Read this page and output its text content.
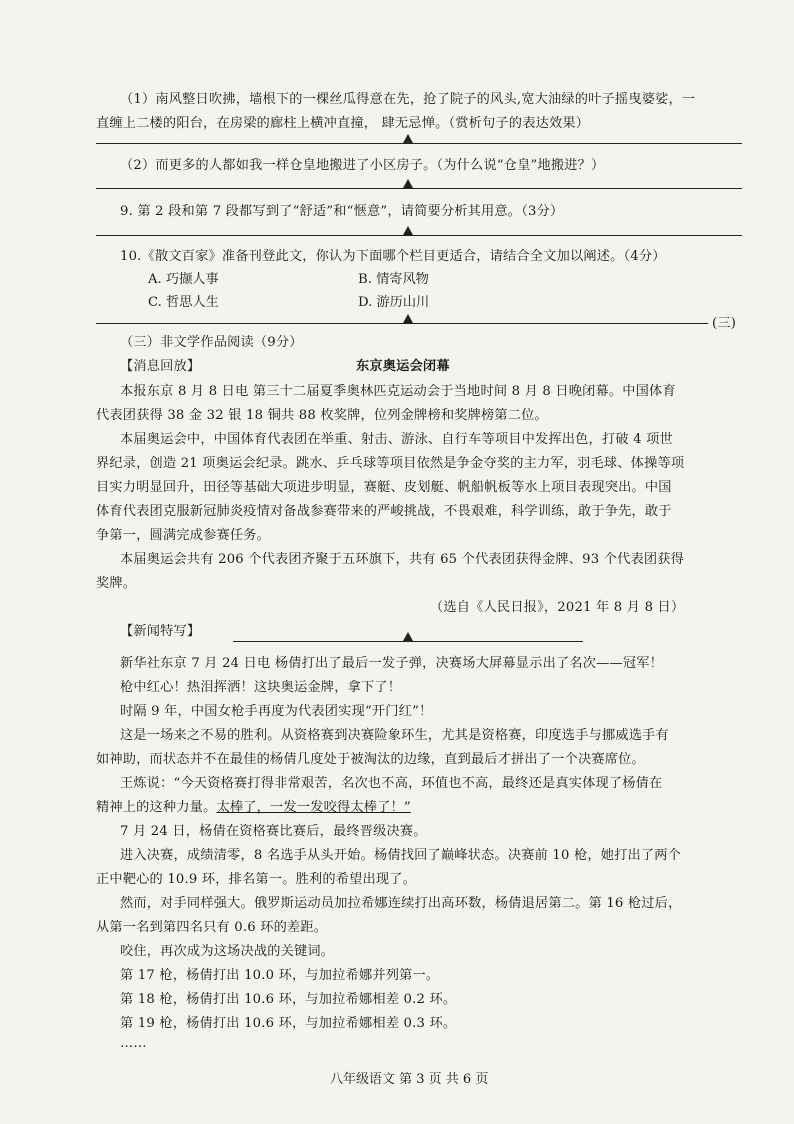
（1）南风整日吹拂，墙根下的一棵丝瓜得意在先，抢了院子的风头,宽大油绿的叶子摇曳婆娑，一
直缠上二楼的阳台，在房梁的廊柱上横冲直撞， 肆无忌惮。（赏析句子的表达效果）
（2）而更多的人都如我一样仓皇地搬进了小区房子。（为什么说“仓皇”地搬进？）
9. 第 2 段和第 7 段都写到了“舒适”和“惬意”，请简要分析其用意。（3分）
10.《散文百家》准备刊登此文，你认为下面哪个栏目更适合，请结合全文加以阐述。（4分）
A. 巧撷人事	B. 情寄风物
C. 哲思人生	D. 游历山川
(三)
（三）非文学作品阅读（9分）
【消息回放】	东京奥运会闭幕
本报东京 8 月 8 日电 第三十二届夏季奥林匹克运动会于当地时间 8 月 8 日晚闭幕。中国体育
代表团获得 38 金 32 银 18 铜共 88 枚奖牌，位列金牌榜和奖牌榜第二位。
本届奥运会中，中国体育代表团在举重、射击、游泳、自行车等项目中发挥出色，打破 4 项世
界纪录，创造 21 项奥运会纪录。跳水、乒乓球等项目依然是争金夺奖的主力军，羽毛球、体操等项
目实力明显回升，田径等基础大项进步明显，赛艇、皮划艇、帆船帆板等水上项目表现突出。中国
体育代表团克服新冠肺炎疫情对备战参赛带来的严峻挑战，不畏艰难，科学训练，敢于争先，敢于
争第一，圆满完成参赛任务。
本届奥运会共有 206 个代表团齐聚于五环旗下，共有 65 个代表团获得金牌、93 个代表团获得
奖牌。
（选自《人民日报》，2021 年 8 月 8 日）
【新闻特写】
新华社东京 7 月 24 日电 杨倩打出了最后一发子弹，决赛场大屏幕显示出了名次——冠军！
枪中红心！热泪挥洒！这块奥运金牌，拿下了！
时隔 9 年，中国女枪手再度为代表团实现“开门红”！
这是一场来之不易的胜利。从资格赛到决赛险象环生，尤其是资格赛，印度选手与挪威选手有
如神助，而状态并不在最佳的杨倩几度处于被淘汰的边缘，直到最后才拼出了一个决赛席位。
王炼说：“今天资格赛打得非常艰苦，名次也不高，环值也不高，最终还是真实体现了杨倩在
精神上的这种力量。太棒了，一发一发咬得太棒了！”
7 月 24 日，杨倩在资格赛比赛后，最终晋级决赛。
进入决赛，成绩清零，8 名选手从头开始。杨倩找回了巅峰状态。决赛前 10 枪，她打出了两个
正中靶心的 10.9 环，排名第一。胜利的希望出现了。
然而，对手同样强大。俄罗斯运动员加拉希娜连续打出高环数，杨倩退居第二。第 16 枪过后，
从第一名到第四名只有 0.6 环的差距。
咬住，再次成为这场决战的关键词。
第 17 枪，杨倩打出 10.0 环，与加拉希娜并列第一。
第 18 枪，杨倩打出 10.6 环，与加拉希娜相差 0.2 环。
第 19 枪，杨倩打出 10.6 环，与加拉希娜相差 0.3 环。
……
八年级语文 第 3 页 共 6 页
